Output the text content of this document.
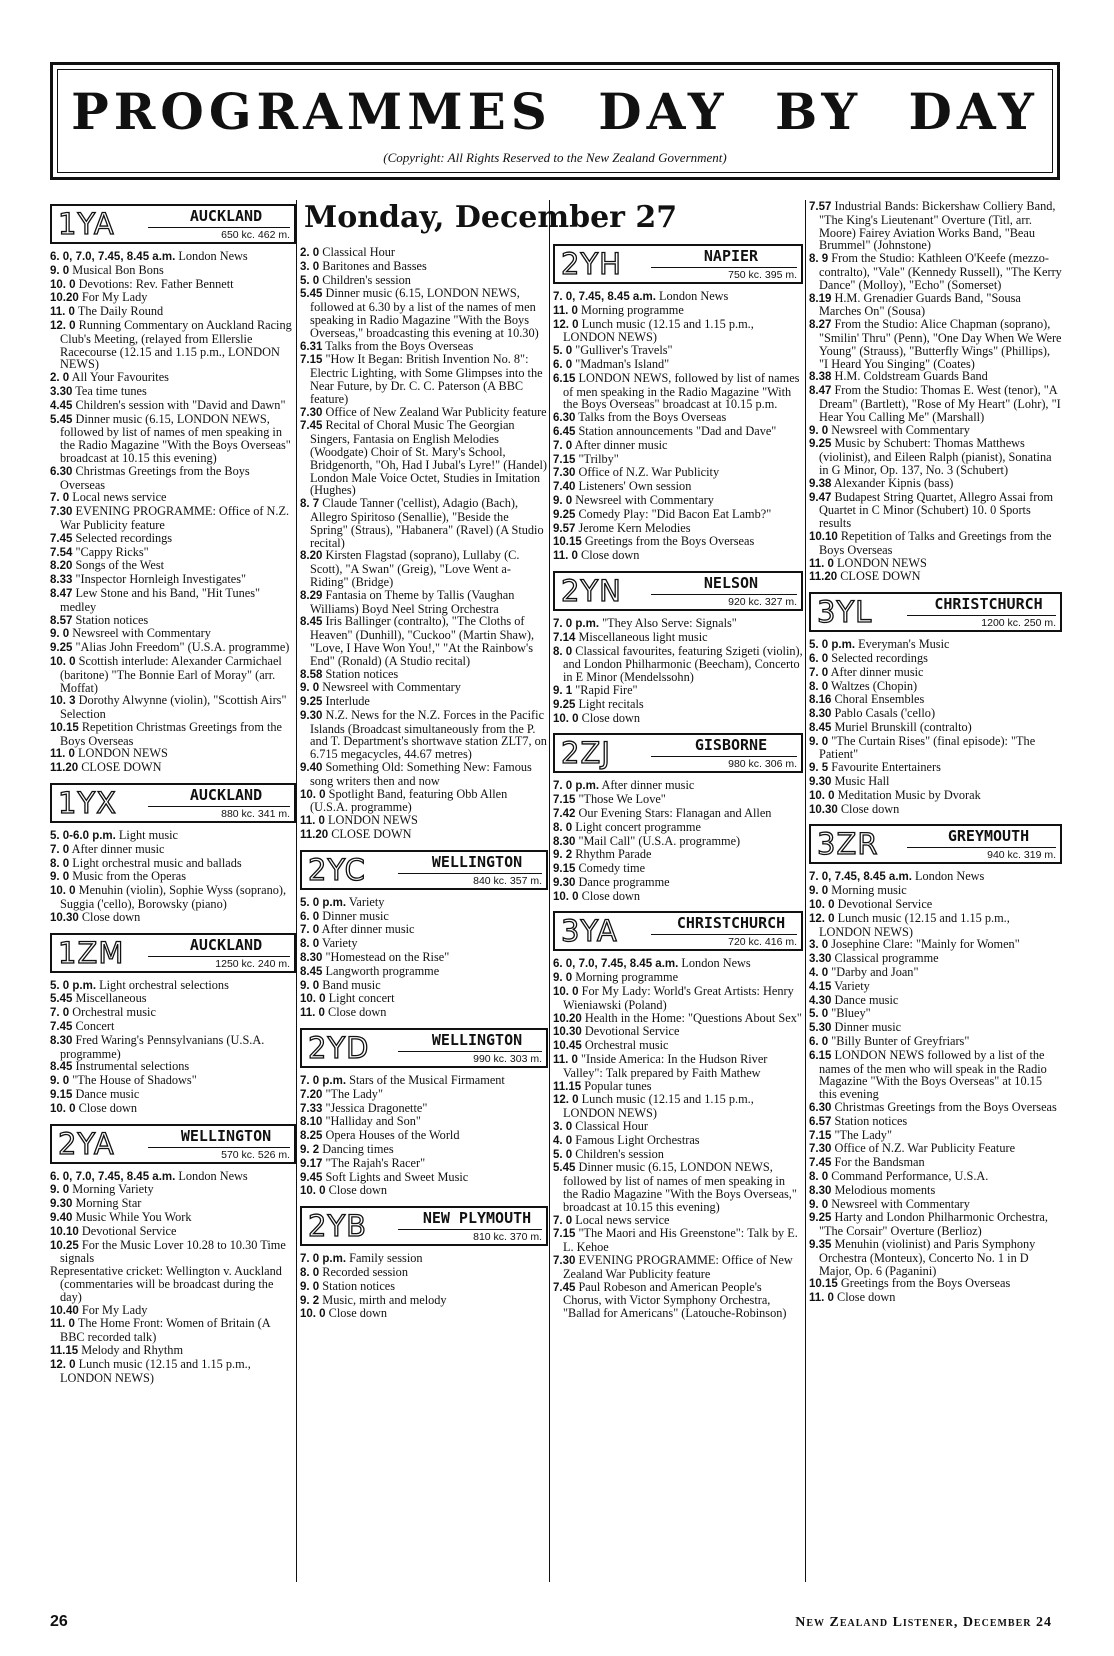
PROGRAMMES DAY BY DAY
(Copyright: All Rights Reserved to the New Zealand Government)
1YA	AUCKLAND
650 kc. 462 m.

6. 0, 7.0, 7.45, 8.45 a.m. London News

9. 0 Musical Bon Bons

10. 0 Devotions: Rev. Father Bennett

10.20 For My Lady

11. 0 The Daily Round

12. 0 Running Commentary on Auckland Racing Club's Meeting, (relayed from Ellerslie Racecourse (12.15 and 1.15 p.m., LONDON NEWS)

2. 0 All Your Favourites

3.30 Tea time tunes

4.45 Children's session with "David and Dawn"

5.45 Dinner music (6.15, LONDON NEWS, followed by list of names of men speaking in the Radio Magazine "With the Boys Overseas" broadcast at 10.15 this evening)

6.30 Christmas Greetings from the Boys Overseas

7. 0 Local news service

7.30 EVENING PROGRAMME: Office of N.Z. War Publicity feature

7.45 Selected recordings

7.54 "Cappy Ricks"

8.20 Songs of the West

8.33 "Inspector Hornleigh Investigates"

8.47 Lew Stone and his Band, "Hit Tunes" medley

8.57 Station notices

9. 0 Newsreel with Commentary

9.25 "Alias John Freedom" (U.S.A. programme)

10. 0 Scottish interlude: Alexander Carmichael (baritone) "The Bonnie Earl of Moray" (arr. Moffat)

10. 3 Dorothy Alwynne (violin), "Scottish Airs" Selection

10.15 Repetition Christmas Greetings from the Boys Overseas

11. 0 LONDON NEWS

11.20 CLOSE DOWN

1YX	AUCKLAND
880 kc. 341 m.

5. 0-6.0 p.m. Light music

7. 0 After dinner music

8. 0 Light orchestral music and ballads

9. 0 Music from the Operas

10. 0 Menuhin (violin), Sophie Wyss (soprano), Suggia ('cello), Borowsky (piano)

10.30 Close down

1ZM	AUCKLAND
1250 kc. 240 m.

5. 0 p.m. Light orchestral selections

5.45 Miscellaneous

7. 0 Orchestral music

7.45 Concert

8.30 Fred Waring's Pennsylvanians (U.S.A. programme)

8.45 Instrumental selections

9. 0 "The House of Shadows"

9.15 Dance music

10. 0 Close down

2YA	WELLINGTON
570 kc. 526 m.

6. 0, 7.0, 7.45, 8.45 a.m. London News

9. 0 Morning Variety

9.30 Morning Star

9.40 Music While You Work

10.10 Devotional Service

10.25 For the Music Lover 10.28 to 10.30 Time signals

Representative cricket: Wellington v. Auckland (commentaries will be broadcast during the day)

10.40 For My Lady

11. 0 The Home Front: Women of Britain (A BBC recorded talk)

11.15 Melody and Rhythm

12. 0 Lunch music (12.15 and 1.15 p.m., LONDON NEWS)

Monday, December 27

2. 0 Classical Hour

3. 0 Baritones and Basses

5. 0 Children's session

5.45 Dinner music (6.15, LONDON NEWS, followed at 6.30 by a list of the names of men speaking in Radio Magazine "With the Boys Overseas," broadcasting this evening at 10.30)

6.31 Talks from the Boys Overseas

7.15 "How It Began: British Invention No. 8": Electric Lighting, with Some Glimpses into the Near Future, by Dr. C. C. Paterson (A BBC feature)

7.30 Office of New Zealand War Publicity feature

7.45 Recital of Choral Music The Georgian Singers, Fantasia on English Melodies (Woodgate) Choir of St. Mary's School, Bridgenorth, "Oh, Had I Jubal's Lyre!" (Handel) London Male Voice Octet, Studies in Imitation (Hughes)

8. 7 Claude Tanner ('cellist), Adagio (Bach), Allegro Spiritoso (Senallie), "Beside the Spring" (Straus), "Habanera" (Ravel) (A Studio recital)

8.20 Kirsten Flagstad (soprano), Lullaby (C. Scott), "A Swan" (Greig), "Love Went a-Riding" (Bridge)

8.29 Fantasia on Theme by Tallis (Vaughan Williams) Boyd Neel String Orchestra

8.45 Iris Ballinger (contralto), "The Cloths of Heaven" (Dunhill), "Cuckoo" (Martin Shaw), "Love, I Have Won You!," "At the Rainbow's End" (Ronald) (A Studio recital)

8.58 Station notices

9. 0 Newsreel with Commentary

9.25 Interlude

9.30 N.Z. News for the N.Z. Forces in the Pacific Islands (Broadcast simultaneously from the P. and T. Department's shortwave station ZLT7, on 6.715 megacycles, 44.67 metres)

9.40 Something Old: Something New: Famous song writers then and now

10. 0 Spotlight Band, featuring Obb Allen (U.S.A. programme)

11. 0 LONDON NEWS

11.20 CLOSE DOWN

2YC	WELLINGTON
840 kc. 357 m.

5. 0 p.m. Variety

6. 0 Dinner music

7. 0 After dinner music

8. 0 Variety

8.30 "Homestead on the Rise"

8.45 Langworth programme

9. 0 Band music

10. 0 Light concert

11. 0 Close down

2YD	WELLINGTON
990 kc. 303 m.

7. 0 p.m. Stars of the Musical Firmament

7.20 "The Lady"

7.33 "Jessica Dragonette"

8.10 "Halliday and Son"

8.25 Opera Houses of the World

9. 2 Dancing times

9.17 "The Rajah's Racer"

9.45 Soft Lights and Sweet Music

10. 0 Close down

2YB	NEW PLYMOUTH
810 kc. 370 m.

7. 0 p.m. Family session

8. 0 Recorded session

9. 0 Station notices

9. 2 Music, mirth and melody

10. 0 Close down

2YH	NAPIER
750 kc. 395 m.

7. 0, 7.45, 8.45 a.m. London News

11. 0 Morning programme

12. 0 Lunch music (12.15 and 1.15 p.m., LONDON NEWS)

5. 0 "Gulliver's Travels"

6. 0 "Madman's Island"

6.15 LONDON NEWS, followed by list of names of men speaking in the Radio Magazine "With the Boys Overseas" broadcast at 10.15 p.m.

6.30 Talks from the Boys Overseas

6.45 Station announcements "Dad and Dave"

7. 0 After dinner music

7.15 "Trilby"

7.30 Office of N.Z. War Publicity

7.40 Listeners' Own session

9. 0 Newsreel with Commentary

9.25 Comedy Play: "Did Bacon Eat Lamb?"

9.57 Jerome Kern Melodies

10.15 Greetings from the Boys Overseas

11. 0 Close down

2YN	NELSON
920 kc. 327 m.

7. 0 p.m. "They Also Serve: Signals"

7.14 Miscellaneous light music

8. 0 Classical favourites, featuring Szigeti (violin), and London Philharmonic (Beecham), Concerto in E Minor (Mendelssohn)

9. 1 "Rapid Fire"

9.25 Light recitals

10. 0 Close down

2ZJ	GISBORNE
980 kc. 306 m.

7. 0 p.m. After dinner music

7.15 "Those We Love"

7.42 Our Evening Stars: Flanagan and Allen

8. 0 Light concert programme

8.30 "Mail Call" (U.S.A. programme)

9. 2 Rhythm Parade

9.15 Comedy time

9.30 Dance programme

10. 0 Close down

3YA	CHRISTCHURCH
720 kc. 416 m.

6. 0, 7.0, 7.45, 8.45 a.m. London News

9. 0 Morning programme

10. 0 For My Lady: World's Great Artists: Henry Wieniawski (Poland)

10.20 Health in the Home: "Questions About Sex"

10.30 Devotional Service

10.45 Orchestral music

11. 0 "Inside America: In the Hudson River Valley": Talk prepared by Faith Mathew

11.15 Popular tunes

12. 0 Lunch music (12.15 and 1.15 p.m., LONDON NEWS)

3. 0 Classical Hour

4. 0 Famous Light Orchestras

5. 0 Children's session

5.45 Dinner music (6.15, LONDON NEWS, followed by list of names of men speaking in the Radio Magazine "With the Boys Overseas," broadcast at 10.15 this evening)

7. 0 Local news service

7.15 "The Maori and His Greenstone": Talk by E. L. Kehoe

7.30 EVENING PROGRAMME: Office of New Zealand War Publicity feature

7.45 Paul Robeson and American People's Chorus, with Victor Symphony Orchestra, "Ballad for Americans" (Latouche-Robinson)

7.57 Industrial Bands: Bickershaw Colliery Band, "The King's Lieutenant" Overture (Titl, arr. Moore) Fairey Aviation Works Band, "Beau Brummel" (Johnstone)

8. 9 From the Studio: Kathleen O'Keefe (mezzo-contralto), "Vale" (Kennedy Russell), "The Kerry Dance" (Molloy), "Echo" (Somerset)

8.19 H.M. Grenadier Guards Band, "Sousa Marches On" (Sousa)

8.27 From the Studio: Alice Chapman (soprano), "Smilin' Thru" (Penn), "One Day When We Were Young" (Strauss), "Butterfly Wings" (Phillips), "I Heard You Singing" (Coates)

8.38 H.M. Coldstream Guards Band

8.47 From the Studio: Thomas E. West (tenor), "A Dream" (Bartlett), "Rose of My Heart" (Lohr), "I Hear You Calling Me" (Marshall)

9. 0 Newsreel with Commentary

9.25 Music by Schubert: Thomas Matthews (violinist), and Eileen Ralph (pianist), Sonatina in G Minor, Op. 137, No. 3 (Schubert)

9.38 Alexander Kipnis (bass)

9.47 Budapest String Quartet, Allegro Assai from Quartet in C Minor (Schubert) 10. 0 Sports results

10.10 Repetition of Talks and Greetings from the Boys Overseas

11. 0 LONDON NEWS

11.20 CLOSE DOWN

3YL	CHRISTCHURCH
1200 kc. 250 m.

5. 0 p.m. Everyman's Music

6. 0 Selected recordings

7. 0 After dinner music

8. 0 Waltzes (Chopin)

8.16 Choral Ensembles

8.30 Pablo Casals ('cello)

8.45 Muriel Brunskill (contralto)

9. 0 "The Curtain Rises" (final episode): "The Patient"

9. 5 Favourite Entertainers

9.30 Music Hall

10. 0 Meditation Music by Dvorak

10.30 Close down

3ZR	GREYMOUTH
940 kc. 319 m.

7. 0, 7.45, 8.45 a.m. London News

9. 0 Morning music

10. 0 Devotional Service

12. 0 Lunch music (12.15 and 1.15 p.m., LONDON NEWS)

3. 0 Josephine Clare: "Mainly for Women"

3.30 Classical programme

4. 0 "Darby and Joan"

4.15 Variety

4.30 Dance music

5. 0 "Bluey"

5.30 Dinner music

6. 0 "Billy Bunter of Greyfriars"

6.15 LONDON NEWS followed by a list of the names of the men who will speak in the Radio Magazine "With the Boys Overseas" at 10.15 this evening

6.30 Christmas Greetings from the Boys Overseas

6.57 Station notices

7.15 "The Lady"

7.30 Office of N.Z. War Publicity Feature

7.45 For the Bandsman

8. 0 Command Performance, U.S.A.

8.30 Melodious moments

9. 0 Newsreel with Commentary

9.25 Harty and London Philharmonic Orchestra, "The Corsair" Overture (Berlioz)

9.35 Menuhin (violinist) and Paris Symphony Orchestra (Monteux), Concerto No. 1 in D Major, Op. 6 (Paganini)

10.15 Greetings from the Boys Overseas

11. 0 Close down

26	New Zealand Listener, December 24
